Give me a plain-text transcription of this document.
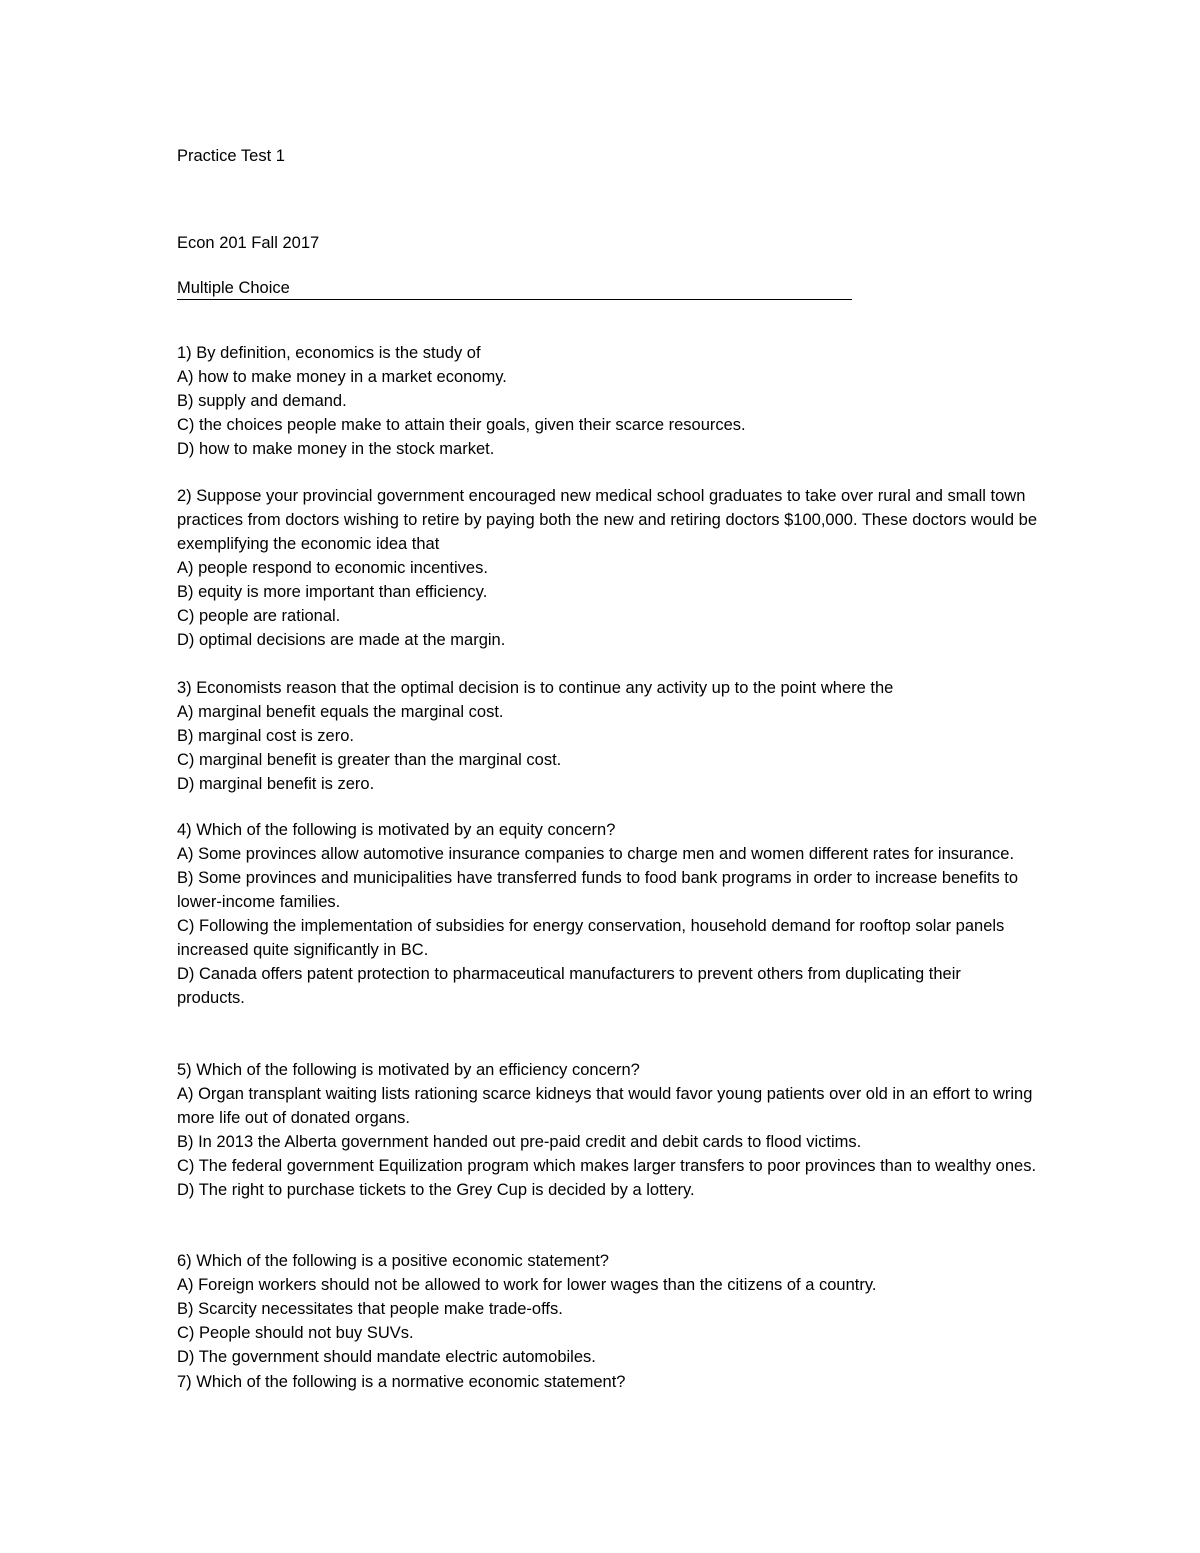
Practice Test 1
Econ 201 Fall 2017
Multiple Choice
1) By definition, economics is the study of
A) how to make money in a market economy.
B) supply and demand.
C) the choices people make to attain their goals, given their scarce resources.
D) how to make money in the stock market.
2) Suppose your provincial government encouraged new medical school graduates to take over rural and small town
practices from doctors wishing to retire by paying both the new and retiring doctors $100,000. These doctors would be
exemplifying the economic idea that
A) people respond to economic incentives.
B) equity is more important than efficiency.
C) people are rational.
D) optimal decisions are made at the margin.
3) Economists reason that the optimal decision is to continue any activity up to the point where the
A) marginal benefit equals the marginal cost.
B) marginal cost is zero.
C) marginal benefit is greater than the marginal cost.
D) marginal benefit is zero.
4) Which of the following is motivated by an equity concern?
A) Some provinces allow automotive insurance companies to charge men and women different rates for insurance.
B) Some provinces and municipalities have transferred funds to food bank programs in order to increase benefits to
lower-income families.
C) Following the implementation of subsidies for energy conservation, household demand for rooftop solar panels
increased quite significantly in BC.
D) Canada offers patent protection to pharmaceutical manufacturers to prevent others from duplicating their
products.
5) Which of the following is motivated by an efficiency concern?
A) Organ transplant waiting lists rationing scarce kidneys that would favor young patients over old in an effort to wring
more life out of donated organs.
B) In 2013 the Alberta government handed out pre-paid credit and debit cards to flood victims.
C) The federal government Equilization program which makes larger transfers to poor provinces than to wealthy ones.
D) The right to purchase tickets to the Grey Cup is decided by a lottery.
6) Which of the following is a positive economic statement?
A) Foreign workers should not be allowed to work for lower wages than the citizens of a country.
B) Scarcity necessitates that people make trade-offs.
C) People should not buy SUVs.
D) The government should mandate electric automobiles.
7) Which of the following is a normative economic statement?
